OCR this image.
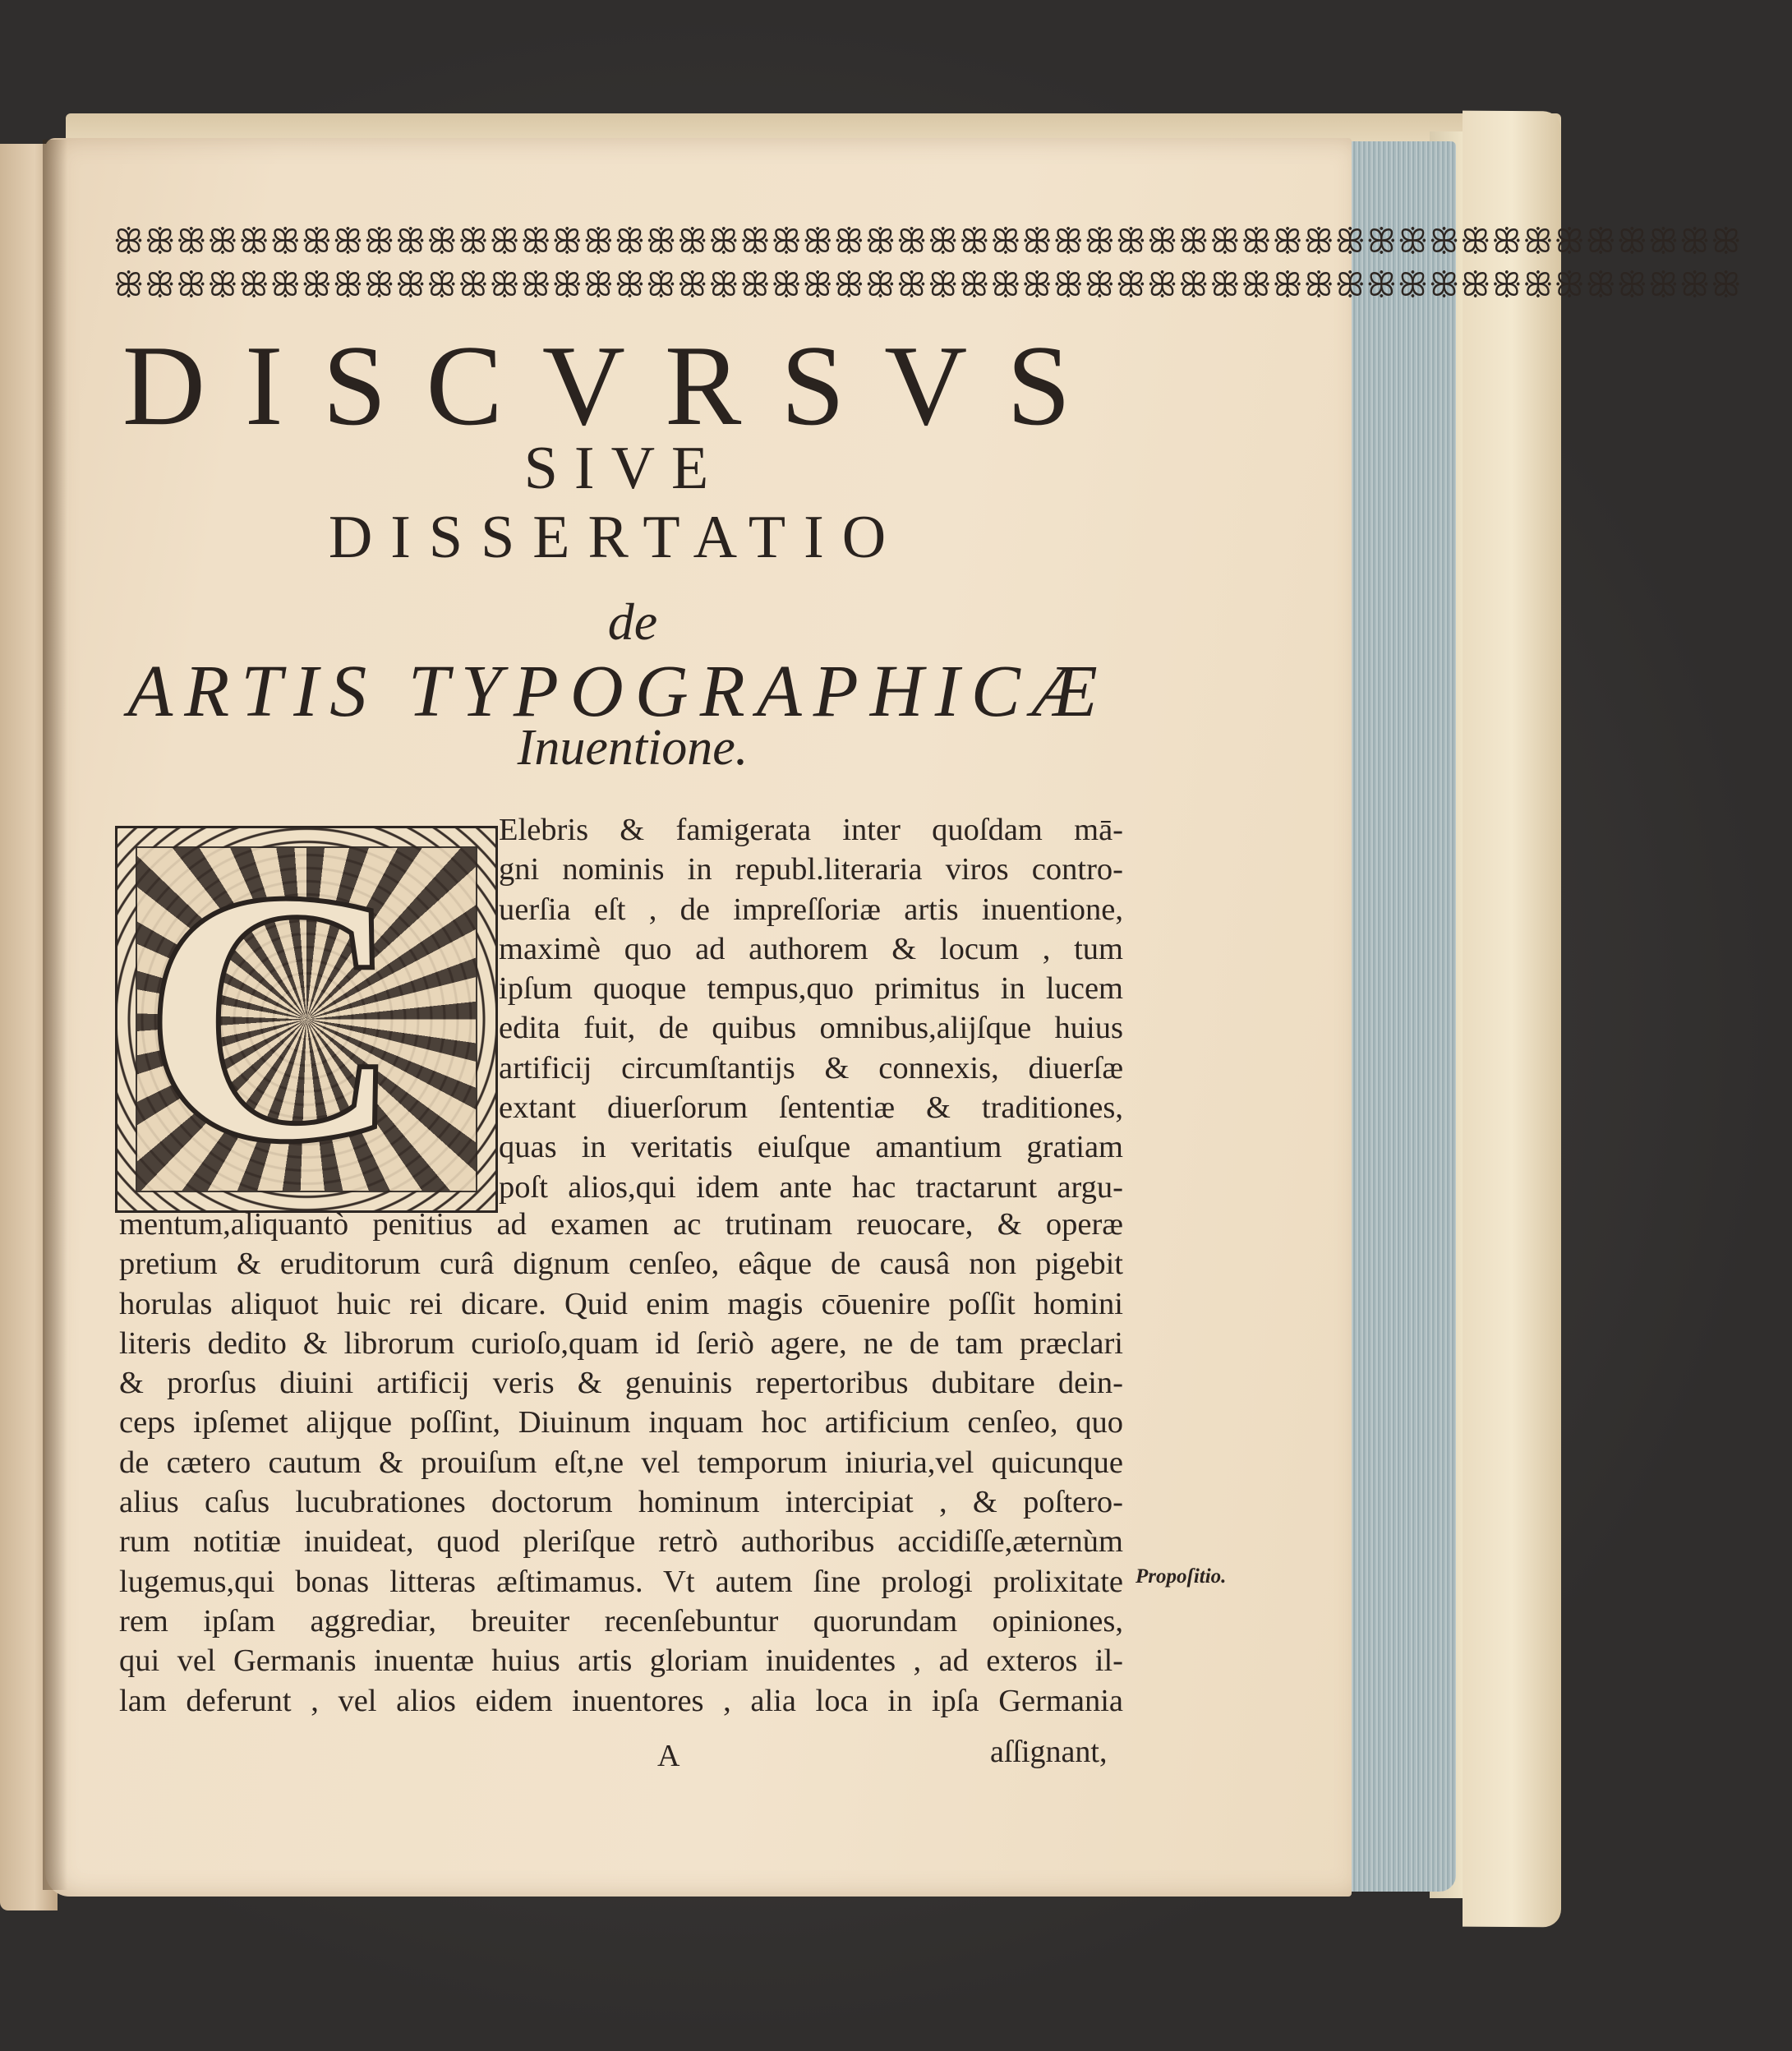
ꕥꕥꕥꕥꕥꕥꕥꕥꕥꕥꕥꕥꕥꕥꕥꕥꕥꕥꕥꕥꕥꕥꕥꕥꕥꕥꕥꕥꕥꕥꕥꕥꕥꕥꕥꕥꕥꕥꕥꕥꕥꕥꕥꕥꕥꕥꕥꕥꕥꕥꕥꕥ
ꕥꕥꕥꕥꕥꕥꕥꕥꕥꕥꕥꕥꕥꕥꕥꕥꕥꕥꕥꕥꕥꕥꕥꕥꕥꕥꕥꕥꕥꕥꕥꕥꕥꕥꕥꕥꕥꕥꕥꕥꕥꕥꕥꕥꕥꕥꕥꕥꕥꕥꕥꕥ
DISCVRSVS
SIVE
DISSERTATIO
de
ARTIS TYPOGRAPHICÆ
Inuentione.
C	Elebris & famigerata inter quoſdam mā-
gni nominis in republ.literaria viros contro-
uerſia eſt , de impreſſoriæ artis inuentione,
maximè quo ad authorem & locum , tum
ipſum quoque tempus,quo primitus in lucem
edita fuit, de quibus omnibus,alijſque huius
artificij circumſtantijs & connexis, diuerſæ
extant diuerſorum ſententiæ & traditiones,
quas in veritatis eiuſque amantium gratiam
poſt alios,qui idem ante hac tractarunt argu-
mentum,aliquantò penitius ad examen ac trutinam reuocare, & operæ
pretium & eruditorum curâ dignum cenſeo, eâque de causâ non pigebit
horulas aliquot huic rei dicare. Quid enim magis cōuenire poſſit homini
literis dedito & librorum curioſo,quam id ſeriò agere, ne de tam præclari
& prorſus diuini artificij veris & genuinis repertoribus dubitare dein-
ceps ipſemet alijque poſſint, Diuinum inquam hoc artificium cenſeo, quo
de cætero cautum & prouiſum eſt,ne vel temporum iniuria,vel quicunque
alius caſus lucubrationes doctorum hominum intercipiat , & poſtero-
rum notitiæ inuideat, quod pleriſque retrò authoribus accidiſſe,æternùm
lugemus,qui bonas litteras æſtimamus. Vt autem ſine prologi prolixitate
rem ipſam aggrediar, breuiter recenſebuntur quorundam opiniones,
qui vel Germanis inuentæ huius artis gloriam inuidentes , ad exteros il-
lam deferunt , vel alios eidem inuentores , alia loca in ipſa Germania
A	aſſignant,
Propoſitio.
